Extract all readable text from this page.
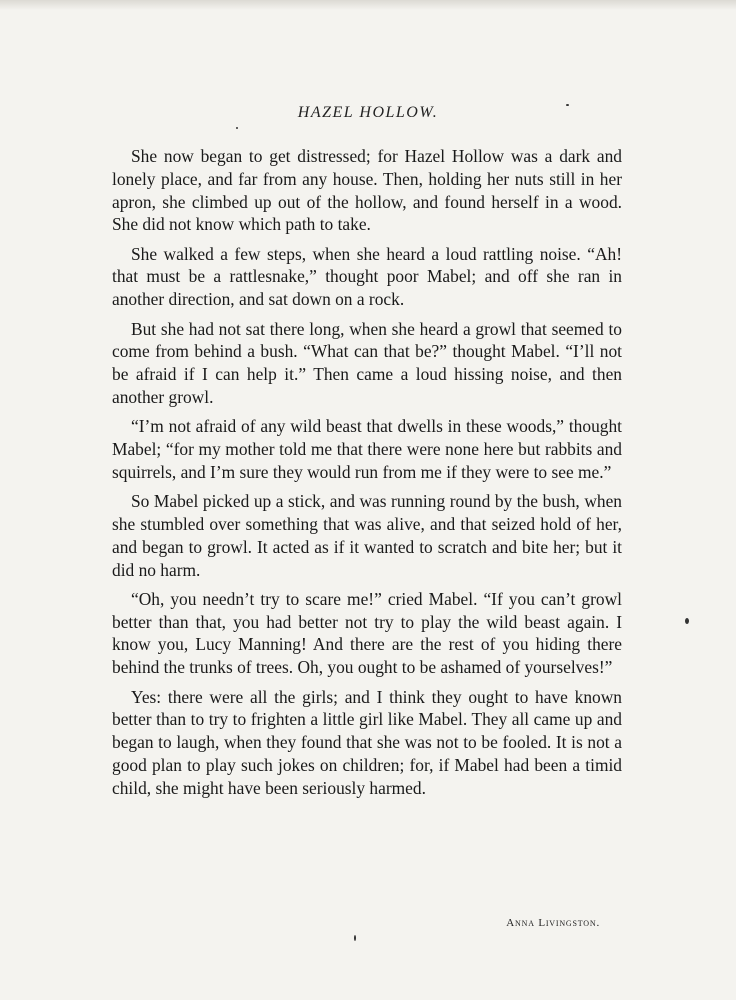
HAZEL HOLLOW.

She now began to get distressed; for Hazel Hollow was a dark and lonely place, and far from any house. Then, holding her nuts still in her apron, she climbed up out of the hollow, and found herself in a wood. She did not know which path to take.

She walked a few steps, when she heard a loud rattling noise. “Ah! that must be a rattlesnake,” thought poor Mabel; and off she ran in another direction, and sat down on a rock.

But she had not sat there long, when she heard a growl that seemed to come from behind a bush. “What can that be?” thought Mabel. “I’ll not be afraid if I can help it.” Then came a loud hissing noise, and then another growl.

“I’m not afraid of any wild beast that dwells in these woods,” thought Mabel; “for my mother told me that there were none here but rabbits and squirrels, and I’m sure they would run from me if they were to see me.”

So Mabel picked up a stick, and was running round by the bush, when she stumbled over something that was alive, and that seized hold of her, and began to growl. It acted as if it wanted to scratch and bite her; but it did no harm.

“Oh, you needn’t try to scare me!” cried Mabel. “If you can’t growl better than that, you had better not try to play the wild beast again. I know you, Lucy Manning! And there are the rest of you hiding there behind the trunks of trees. Oh, you ought to be ashamed of yourselves!”

Yes: there were all the girls; and I think they ought to have known better than to try to frighten a little girl like Mabel. They all came up and began to laugh, when they found that she was not to be fooled. It is not a good plan to play such jokes on children; for, if Mabel had been a timid child, she might have been seriously harmed.

Anna Livingston.
